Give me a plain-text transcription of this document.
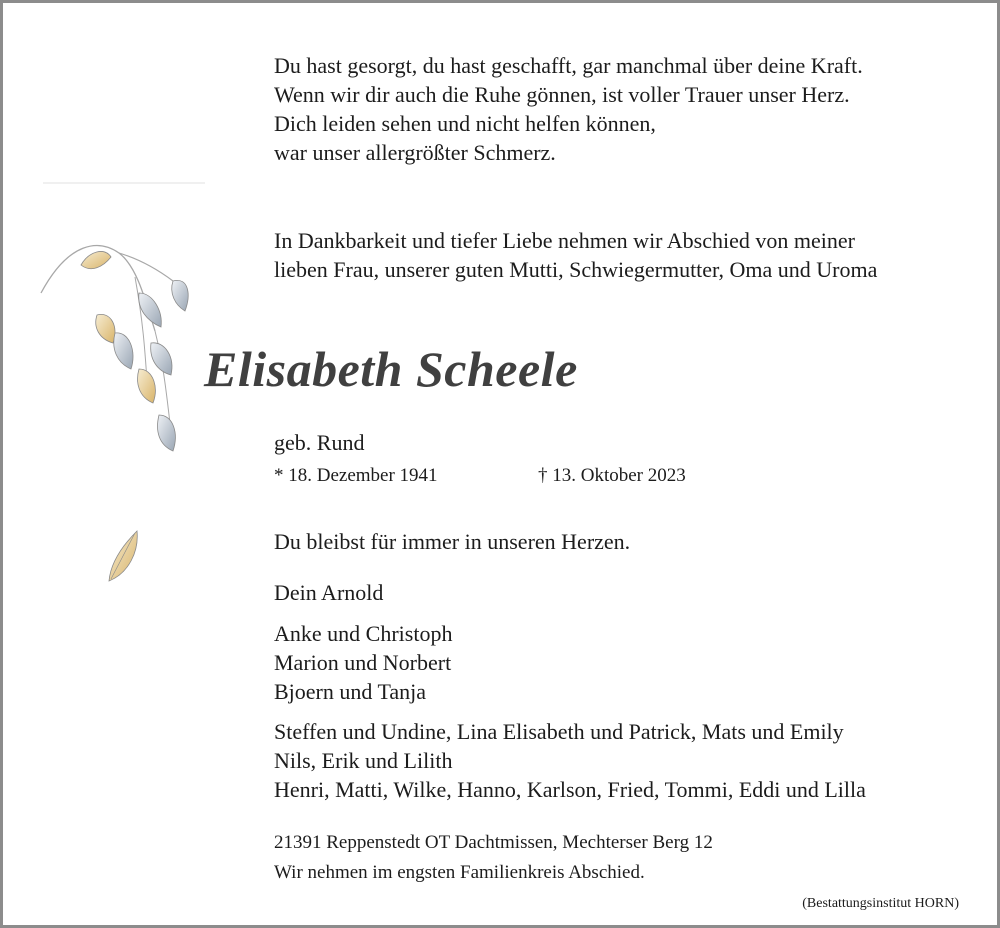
Du hast gesorgt, du hast geschafft, gar manchmal über deine Kraft.
Wenn wir dir auch die Ruhe gönnen, ist voller Trauer unser Herz.
Dich leiden sehen und nicht helfen können,
war unser allergrößter Schmerz.
In Dankbarkeit und tiefer Liebe nehmen wir Abschied von meiner
lieben Frau, unserer guten Mutti, Schwiegermutter, Oma und Uroma
Elisabeth Scheele
geb. Rund
* 18. Dezember 1941	† 13. Oktober 2023
Du bleibst für immer in unseren Herzen.
Dein Arnold
Anke und Christoph
Marion und Norbert
Bjoern und Tanja
Steffen und Undine, Lina Elisabeth und Patrick, Mats und Emily
Nils, Erik und Lilith
Henri, Matti, Wilke, Hanno, Karlson, Fried, Tommi, Eddi und Lilla
21391 Reppenstedt OT Dachtmissen, Mechterser Berg 12
Wir nehmen im engsten Familienkreis Abschied.
(Bestattungsinstitut HORN)
